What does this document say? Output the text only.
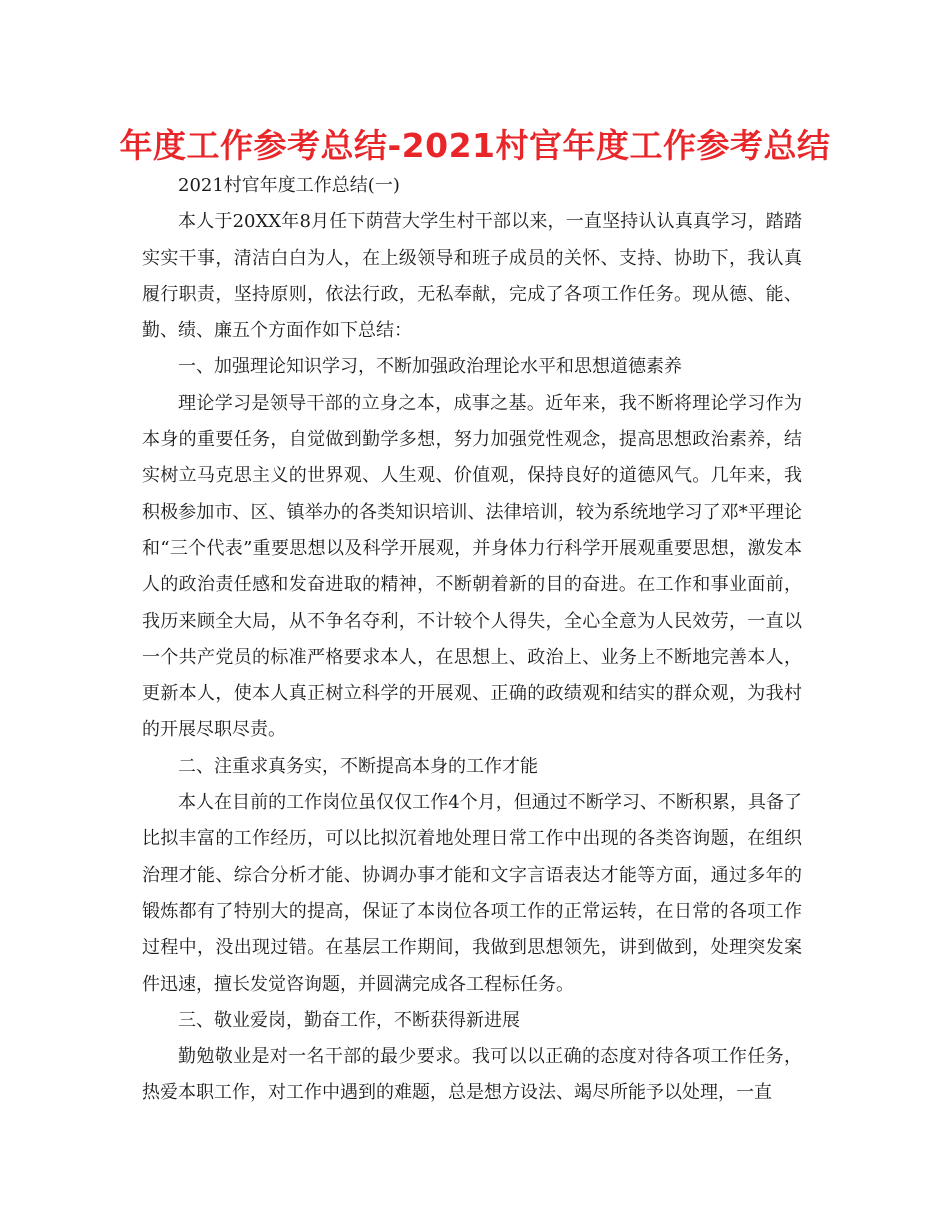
年度工作参考总结-2021村官年度工作参考总结

2021村官年度工作总结(一)

本人于20XX年8月任下荫营大学生村干部以来，一直坚持认认真真学习，踏踏实实干事，清洁白白为人，在上级领导和班子成员的关怀、支持、协助下，我认真履行职责，坚持原则，依法行政，无私奉献，完成了各项工作任务。现从德、能、勤、绩、廉五个方面作如下总结：

一、加强理论知识学习，不断加强政治理论水平和思想道德素养

理论学习是领导干部的立身之本，成事之基。近年来，我不断将理论学习作为本身的重要任务，自觉做到勤学多想，努力加强党性观念，提高思想政治素养，结实树立马克思主义的世界观、人生观、价值观，保持良好的道德风气。几年来，我积极参加市、区、镇举办的各类知识培训、法律培训，较为系统地学习了邓*平理论和“三个代表”重要思想以及科学开展观，并身体力行科学开展观重要思想，激发本人的政治责任感和发奋进取的精神，不断朝着新的目的奋进。在工作和事业面前，我历来顾全大局，从不争名夺利，不计较个人得失，全心全意为人民效劳，一直以一个共产党员的标准严格要求本人，在思想上、政治上、业务上不断地完善本人，更新本人，使本人真正树立科学的开展观、正确的政绩观和结实的群众观，为我村的开展尽职尽责。

二、注重求真务实，不断提高本身的工作才能

本人在目前的工作岗位虽仅仅工作4个月，但通过不断学习、不断积累，具备了比拟丰富的工作经历，可以比拟沉着地处理日常工作中出现的各类咨询题，在组织治理才能、综合分析才能、协调办事才能和文字言语表达才能等方面，通过多年的锻炼都有了特别大的提高，保证了本岗位各项工作的正常运转，在日常的各项工作过程中，没出现过错。在基层工作期间，我做到思想领先，讲到做到，处理突发案件迅速，擅长发觉咨询题，并圆满完成各工程标任务。

三、敬业爱岗，勤奋工作，不断获得新进展

勤勉敬业是对一名干部的最少要求。我可以以正确的态度对待各项工作任务，热爱本职工作，对工作中遇到的难题，总是想方设法、竭尽所能予以处理，一直
